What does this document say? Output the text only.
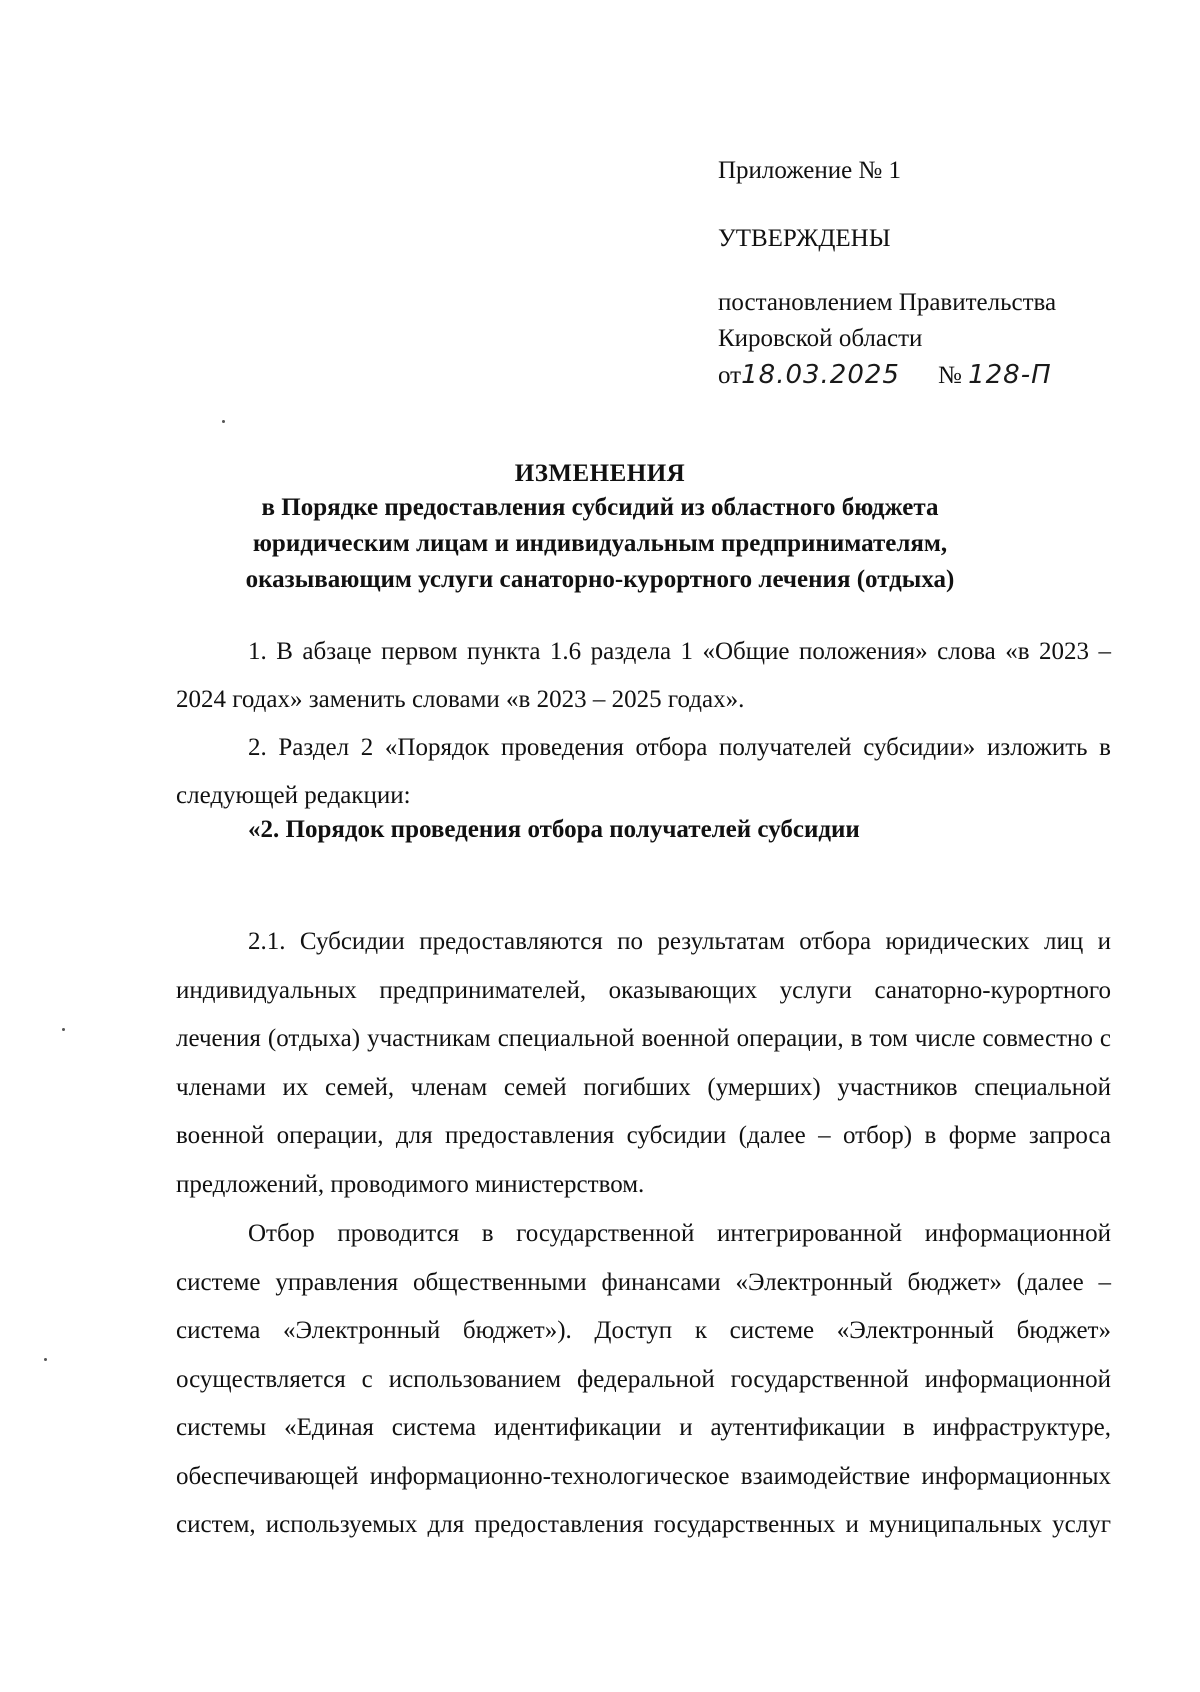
Приложение № 1
УТВЕРЖДЕНЫ
постановлением Правительства
Кировской области
от18.03.2025 № 128-П
ИЗМЕНЕНИЯ
в Порядке предоставления субсидий из областного бюджета
юридическим лицам и индивидуальным предпринимателям,
оказывающим услуги санаторно-курортного лечения (отдыха)

1. В абзаце первом пункта 1.6 раздела 1 «Общие положения» слова «в 2023 – 2024 годах» заменить словами «в 2023 – 2025 годах».

2. Раздел 2 «Порядок проведения отбора получателей субсидии» изложить в следующей редакции:

«2. Порядок проведения отбора получателей субсидии

2.1. Субсидии предоставляются по результатам отбора юридических лиц и индивидуальных предпринимателей, оказывающих услуги санаторно-курортного лечения (отдыха) участникам специальной военной операции, в том числе совместно с членами их семей, членам семей погибших (умерших) участников специальной военной операции, для предоставления субсидии (далее – отбор) в форме запроса предложений, проводимого министерством.

Отбор проводится в государственной интегрированной информационной системе управления общественными финансами «Электронный бюджет» (далее – система «Электронный бюджет»). Доступ к системе «Электронный бюджет» осуществляется с использованием федеральной государственной информационной системы «Единая система идентификации и аутентификации в инфраструктуре, обеспечивающей информационно-технологическое взаимодействие информационных систем, используемых для предоставления государственных и муниципальных услуг
